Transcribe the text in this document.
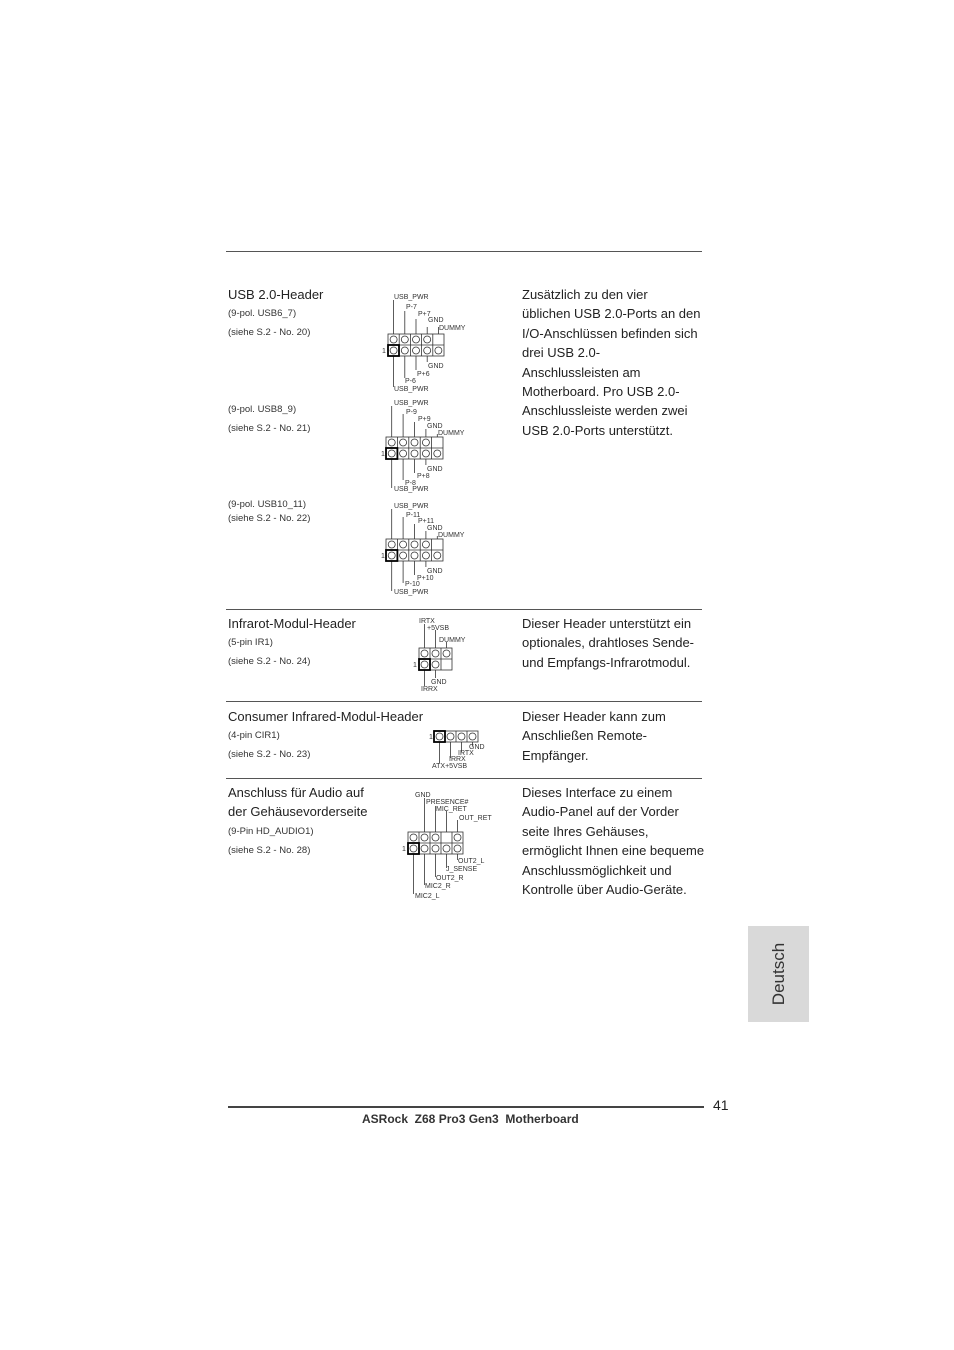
USB 2.0-Header
(9-pol. USB6_7)
(siehe S.2 - No. 20)
(9-pol. USB8_9)
(siehe S.2 - No. 21)
(9-pol. USB10_11)
(siehe S.2 - No. 22)
Zusätzlich zu den vier
üblichen USB 2.0-Ports an den
I/O-Anschlüssen befinden sich
drei USB 2.0-
Anschlussleisten am
Motherboard. Pro USB 2.0-
Anschlussleiste werden zwei
USB 2.0-Ports unterstützt.
USB_PWR
P-7
P+7
GND
DUMMY
GND
P+6
P-6
USB_PWR
1
USB_PWR
P-9
P+9
GND
DUMMY
GND
P+8
P-8
USB_PWR
1
USB_PWR
P-11
P+11
GND
DUMMY
GND
P+10
P-10
USB_PWR
1
Infrarot-Modul-Header
(5-pin IR1)
(siehe S.2 - No. 24)
Dieser Header unterstützt ein
optionales, drahtloses Sende-
und Empfangs-Infrarotmodul.
IRTX
+5VSB
DUMMY
GND
IRRX
1
Consumer Infrared-Modul-Header
(4-pin CIR1)
(siehe S.2 - No. 23)
Dieser Header kann zum
Anschließen Remote-
Empfänger.
GND
IRTX
IRRX
ATX+5VSB
1
Anschluss für Audio auf
der Gehäusevorderseite
(9-Pin HD_AUDIO1)
(siehe S.2 - No. 28)
Dieses Interface zu einem
Audio-Panel auf der Vorder
seite Ihres Gehäuses,
ermöglicht Ihnen eine bequeme
Anschlussmöglichkeit und
Kontrolle über Audio-Geräte.
GND
PRESENCE#
MIC_RET
OUT_RET
OUT2_L
J_SENSE
OUT2_R
MIC2_R
MIC2_L
1
Deutsch
41
ASRock  Z68 Pro3 Gen3  Motherboard
